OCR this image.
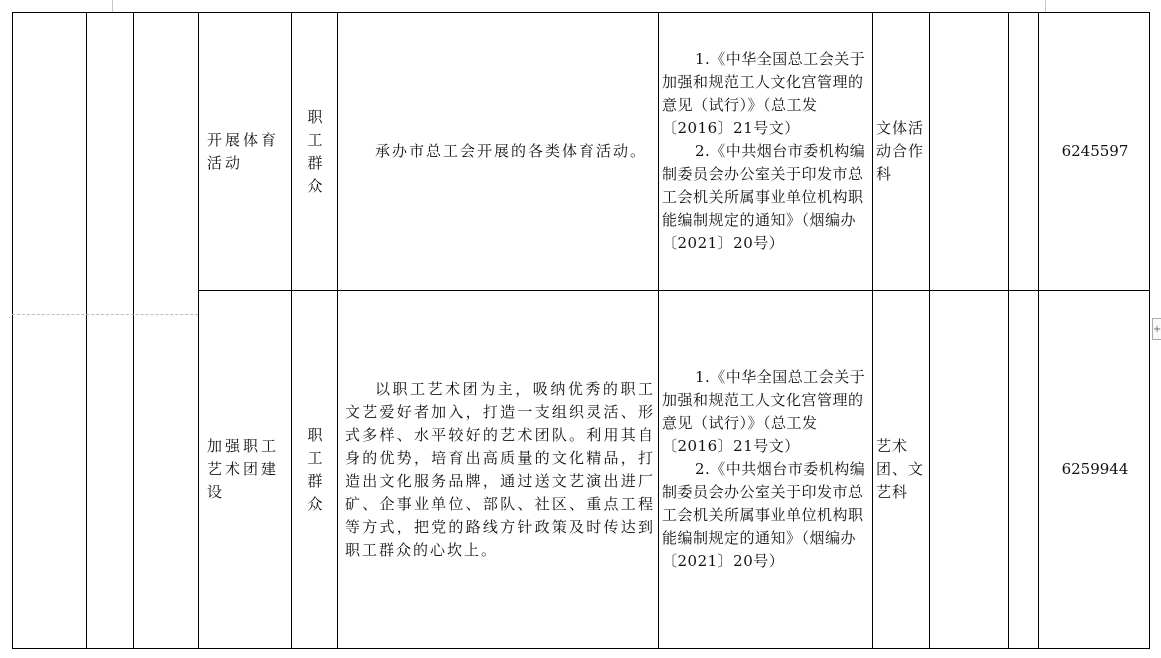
开展体育活动
职工群众
承办市总工会开展的各类体育活动。
1.《中华全国总工会关于加强和规范工人文化宫管理的意见（试行）》（总工发〔2016〕21号文）
2.《中共烟台市委机构编制委员会办公室关于印发市总工会机关所属事业单位机构职能编制规定的通知》（烟编办〔2021〕20号）
文体活动合作科
6245597
加强职工艺术团建设
职工群众
以职工艺术团为主，吸纳优秀的职工文艺爱好者加入，打造一支组织灵活、形式多样、水平较好的艺术团队。利用其自身的优势，培育出高质量的文化精品，打造出文化服务品牌，通过送文艺演出进厂矿、企事业单位、部队、社区、重点工程等方式，把党的路线方针政策及时传达到职工群众的心坎上。
1.《中华全国总工会关于加强和规范工人文化宫管理的意见（试行）》（总工发〔2016〕21号文）
2.《中共烟台市委机构编制委员会办公室关于印发市总工会机关所属事业单位机构职能编制规定的通知》（烟编办〔2021〕20号）
艺术团、文艺科
6259944
+
